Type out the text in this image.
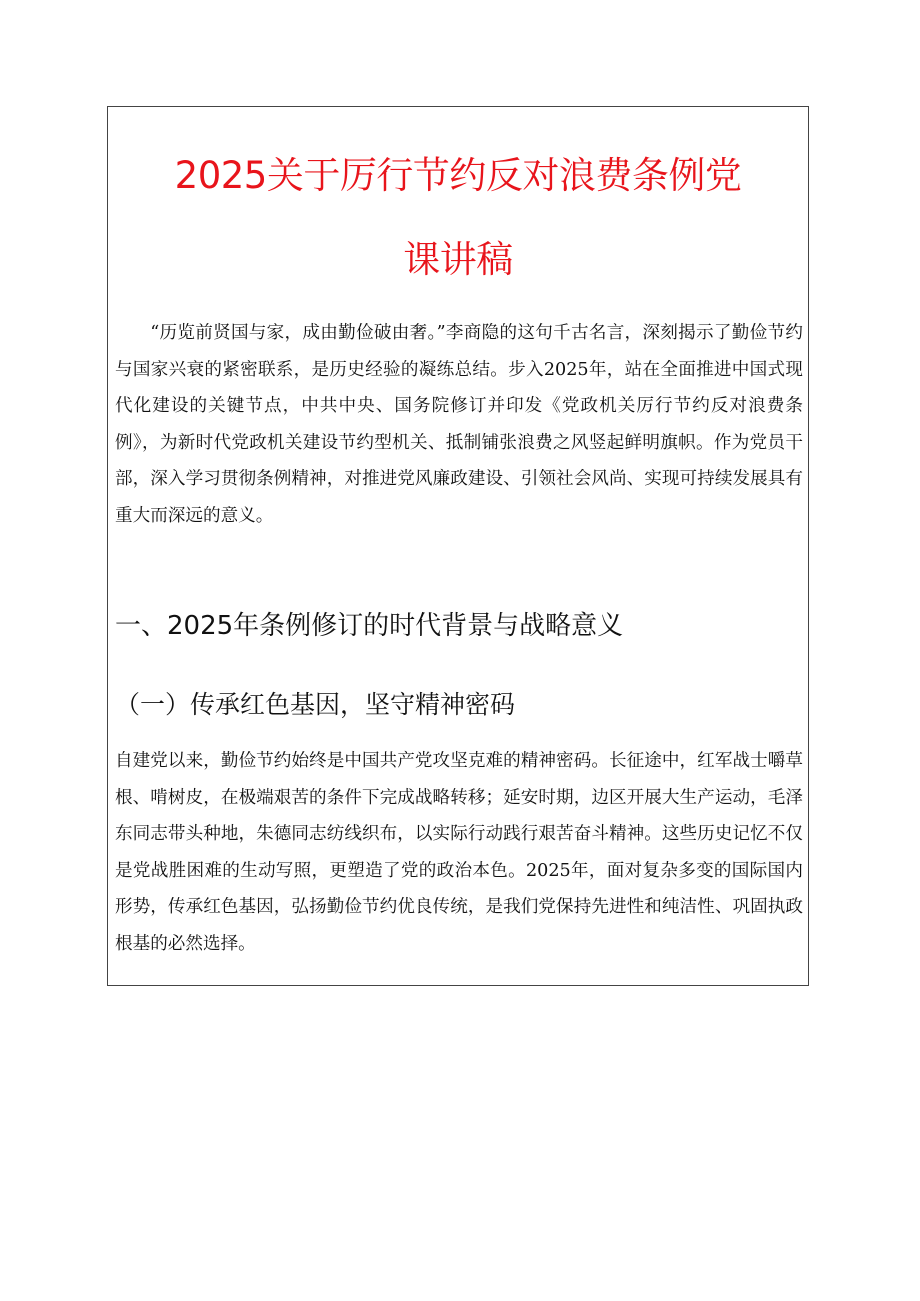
2025关于厉行节约反对浪费条例党
课讲稿

“历览前贤国与家，成由勤俭破由奢。”李商隐的这句千古名言，深刻揭示了勤俭节约与国家兴衰的紧密联系，是历史经验的凝练总结。步入2025年，站在全面推进中国式现代化建设的关键节点，中共中央、国务院修订并印发《党政机关厉行节约反对浪费条例》，为新时代党政机关建设节约型机关、抵制铺张浪费之风竖起鲜明旗帜。作为党员干部，深入学习贯彻条例精神，对推进党风廉政建设、引领社会风尚、实现可持续发展具有重大而深远的意义。

一、2025年条例修订的时代背景与战略意义
（一）传承红色基因，坚守精神密码

自建党以来，勤俭节约始终是中国共产党攻坚克难的精神密码。长征途中，红军战士嚼草根、啃树皮，在极端艰苦的条件下完成战略转移；延安时期，边区开展大生产运动，毛泽东同志带头种地，朱德同志纺线织布，以实际行动践行艰苦奋斗精神。这些历史记忆不仅是党战胜困难的生动写照，更塑造了党的政治本色。2025年，面对复杂多变的国际国内形势，传承红色基因，弘扬勤俭节约优良传统，是我们党保持先进性和纯洁性、巩固执政根基的必然选择。
